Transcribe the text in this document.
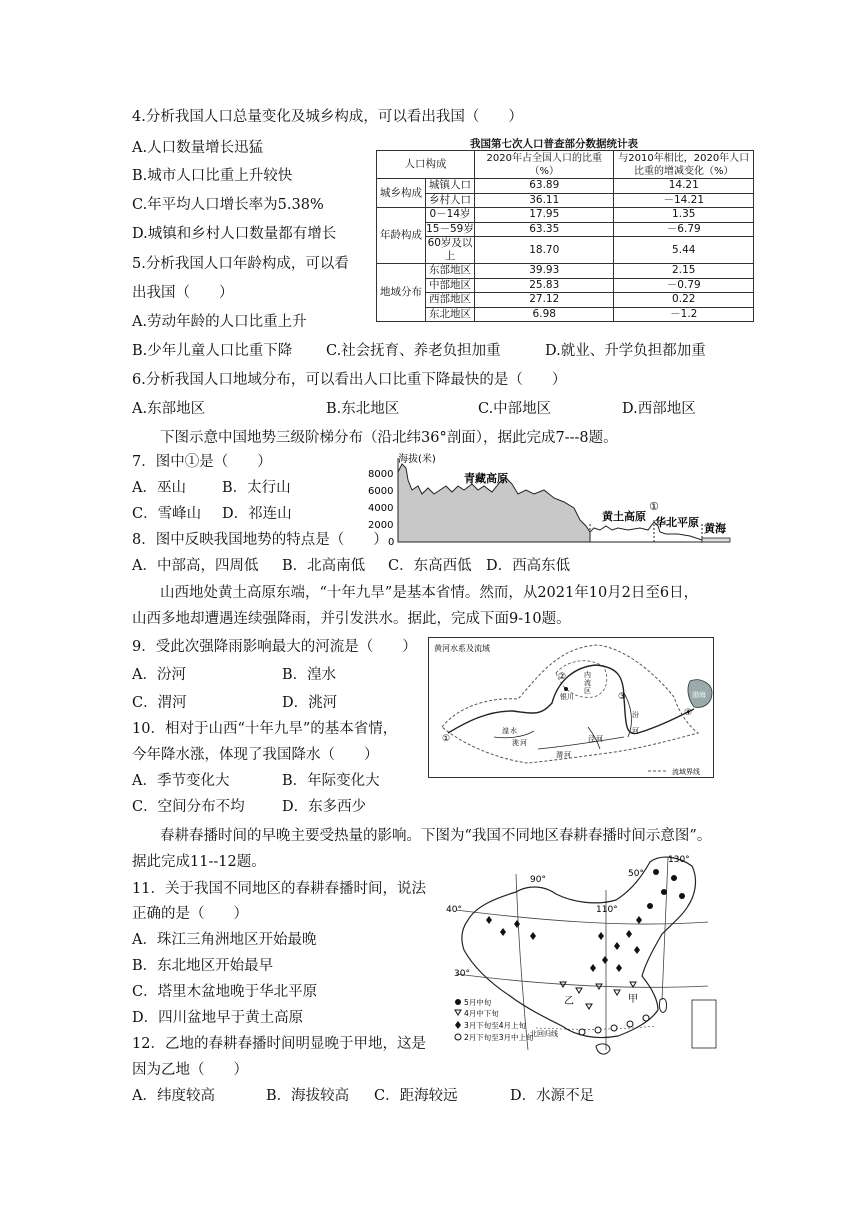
4.分析我国人口总量变化及城乡构成，可以看出我国（　　）
A.人口数量增长迅猛
B.城市人口比重上升较快
C.年平均人口增长率为5.38%
D.城镇和乡村人口数量都有增长
5.分析我国人口年龄构成，可以看
出我国（　　）
A.劳动年龄的人口比重上升
B.少年儿童人口比重下降 C.社会抚育、养老负担加重	D.就业、升学负担都加重
我国第七次人口普查部分数据统计表
人口构成		2020年占全国人口的比重（%）	与2010年相比，2020年人口比重的增减变化（%）
城乡构成	城镇人口	63.89	14.21
	乡村人口	36.11	－14.21
年龄构成	0－14岁	17.95	1.35
	15－59岁	63.35	－6.79
	60岁及以上	18.70	5.44
地域分布	东部地区	39.93	2.15
	中部地区	25.83	－0.79
	西部地区	27.12	0.22
	东北地区	6.98	－1.2
6.分析我国人口地域分布，可以看出人口比重下降最快的是（　　）
A.东部地区	B.东北地区	C.中部地区	D.西部地区
下图示意中国地势三级阶梯分布（沿北纬36°剖面），据此完成7---8题。
7．图中①是（　　）
A．巫山 B．太行山
C．雪峰山 D．祁连山
8．图中反映我国地势的特点是（　　）
A．中部高，四周低 B．北高南低 C．东高西低 D．西高东低
海拔(米)
8000
6000
4000
2000
0
青藏高原
黄土高原
①
华北平原 黄海
山西地处黄土高原东端，“十年九旱”是基本省情。然而，从2021年10月2日至6日，
山西多地却遭遇连续强降雨，并引发洪水。据此，完成下面9-10题。
9．受此次强降雨影响最大的河流是（　　）
A．汾河	B．湟水
C．渭河	D．洮河
10．相对于山西“十年九旱”的基本省情，
今年降水涨，体现了我国降水（　　）
A．季节变化大	B．年际变化大
C．空间分布不均	D．东多西少
黄河水系及流域
渤海
银川
内
流
区
湟 水
洮 河
渭 河
泾 河
汾
河
①
②
③
④
流域界线
春耕春播时间的早晚主要受热量的影响。下图为“我国不同地区春耕春播时间示意图”。
据此完成11--12题。
11．关于我国不同地区的春耕春播时间，说法
正确的是（　　）
A．珠江三角洲地区开始最晚
B．东北地区开始最早
C．塔里木盆地晚于华北平原
D．四川盆地早于黄土高原
12．乙地的春耕春播时间明显晚于甲地，这是
因为乙地（　　）
A．纬度较高	B．海拔较高 C．距海较远	D．水源不足
90°
110°
130°
50°
40°
30°
北回归线
甲
乙
5月中旬
4月中下旬
3月下旬至4月上旬
2月下旬至3月中上旬
